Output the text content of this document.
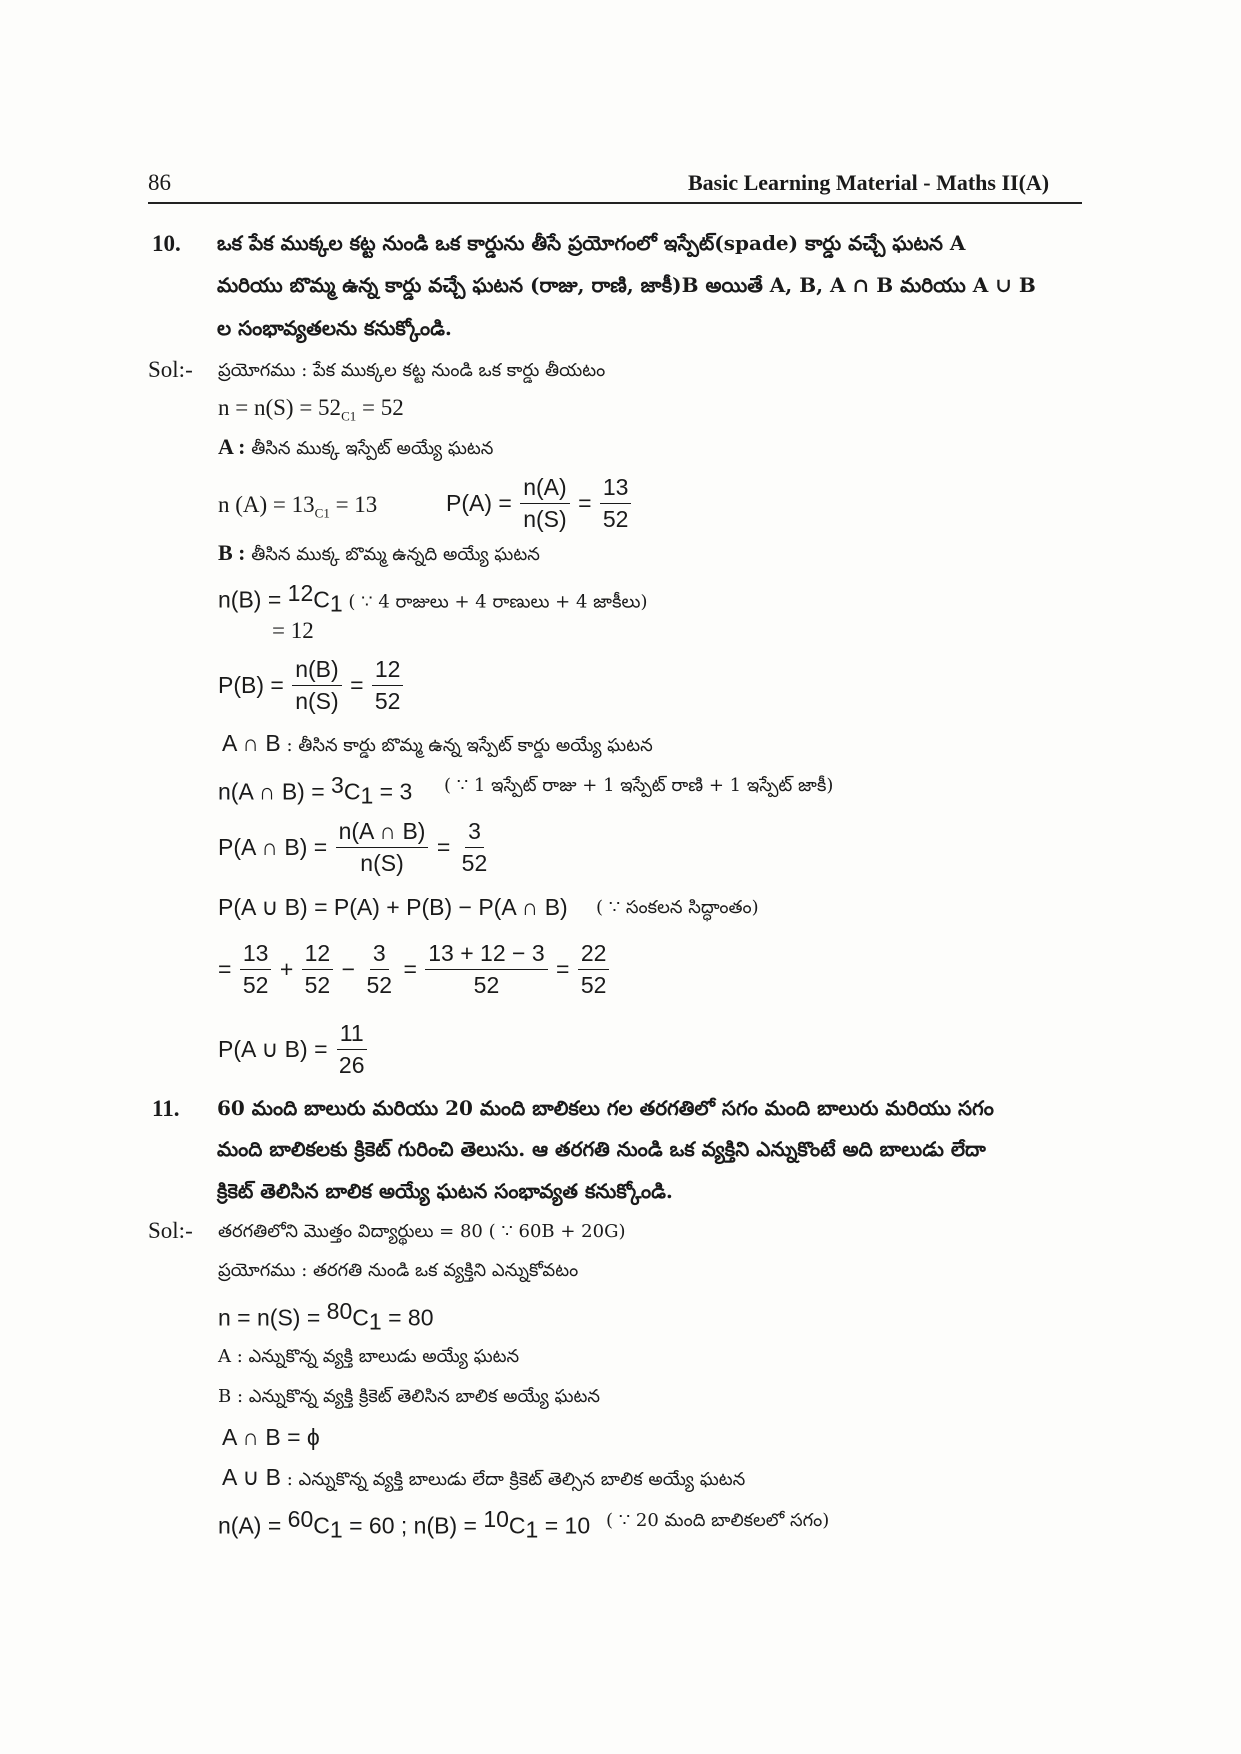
86	Basic Learning Material - Maths II(A)
10. ఒక పేక ముక్కల కట్ట నుండి ఒక కార్డును తీసే ప్రయోగంలో ఇస్పేట్(spade) కార్డు వచ్చే ఘటన A
మరియు బొమ్మ ఉన్న కార్డు వచ్చే ఘటన (రాజు, రాణి, జాకీ)B అయితే A, B, A ∩ B మరియు A ∪ B
ల సంభావ్యతలను కనుక్కోండి.
Sol:- ప్రయోగము : పేక ముక్కల కట్ట నుండి ఒక కార్డు తీయటం
$n = n(S) = 52_{C1} = 52$
A : తీసిన ముక్క ఇస్పేట్ అయ్యే ఘటన
n $(A) = 13_{C1} = 13$	$P(A) = \frac{n(A)}{n(S)} = \frac{13}{52}$
B : తీసిన ముక్క బొమ్మ ఉన్నది అయ్యే ఘటన
$n(B) = ^{12}C_1$ ( ∵ 4 రాజులు + 4 రాణులు + 4 జాకీలు)
= 12
$P(B) = \frac{n(B)}{n(S)} = \frac{12}{52}$
A ∩ B : తీసిన కార్డు బొమ్మ ఉన్న ఇస్పేట్ కార్డు అయ్యే ఘటన
n(A ∩ $B) = ^3C_1 = 3$ ( ∵ 1 ఇస్పేట్ రాజు + 1 ఇస్పేట్ రాణి + 1 ఇస్పేట్ జాకీ)
P(A ∩ $B) = \frac{n(A \cap B)}{n(S)} = \frac{3}{52}$
P(A ∪ B) = P(A) + P(B) − P(A ∩ B) ( ∵ సంకలన సిద్ధాంతం)
= $\frac{13}{52} + \frac{12}{52} - \frac{3}{52} = \frac{13 + 12 - 3}{52} = \frac{22}{52}$
P(A ∪ $B) = \frac{11}{26}$
11. 60 మంది బాలురు మరియు 20 మంది బాలికలు గల తరగతిలో సగం మంది బాలురు మరియు సగం
మంది బాలికలకు క్రికెట్ గురించి తెలుసు. ఆ తరగతి నుండి ఒక వ్యక్తిని ఎన్నుకొంటే అది బాలుడు లేదా
క్రికెట్ తెలిసిన బాలిక అయ్యే ఘటన సంభావ్యత కనుక్కోండి.
Sol:- తరగతిలోని మొత్తం విద్యార్థులు = 80 ( ∵ 60B + 20G)
ప్రయోగము : తరగతి నుండి ఒక వ్యక్తిని ఎన్నుకోవటం
$n = n(S) = ^{80}C_1 = 80$
A : ఎన్నుకొన్న వ్యక్తి బాలుడు అయ్యే ఘటన
B : ఎన్నుకొన్న వ్యక్తి క్రికెట్ తెలిసిన బాలిక అయ్యే ఘటన
A ∩ B = ϕ
A ∪ B : ఎన్నుకొన్న వ్యక్తి బాలుడు లేదా క్రికెట్ తెల్సిన బాలిక అయ్యే ఘటన
$n(A) = ^{60}C_1 = 60$ ; $n(B) = ^{10}C_1 = 10$ ( ∵ 20 మంది బాలికలలో సగం)
